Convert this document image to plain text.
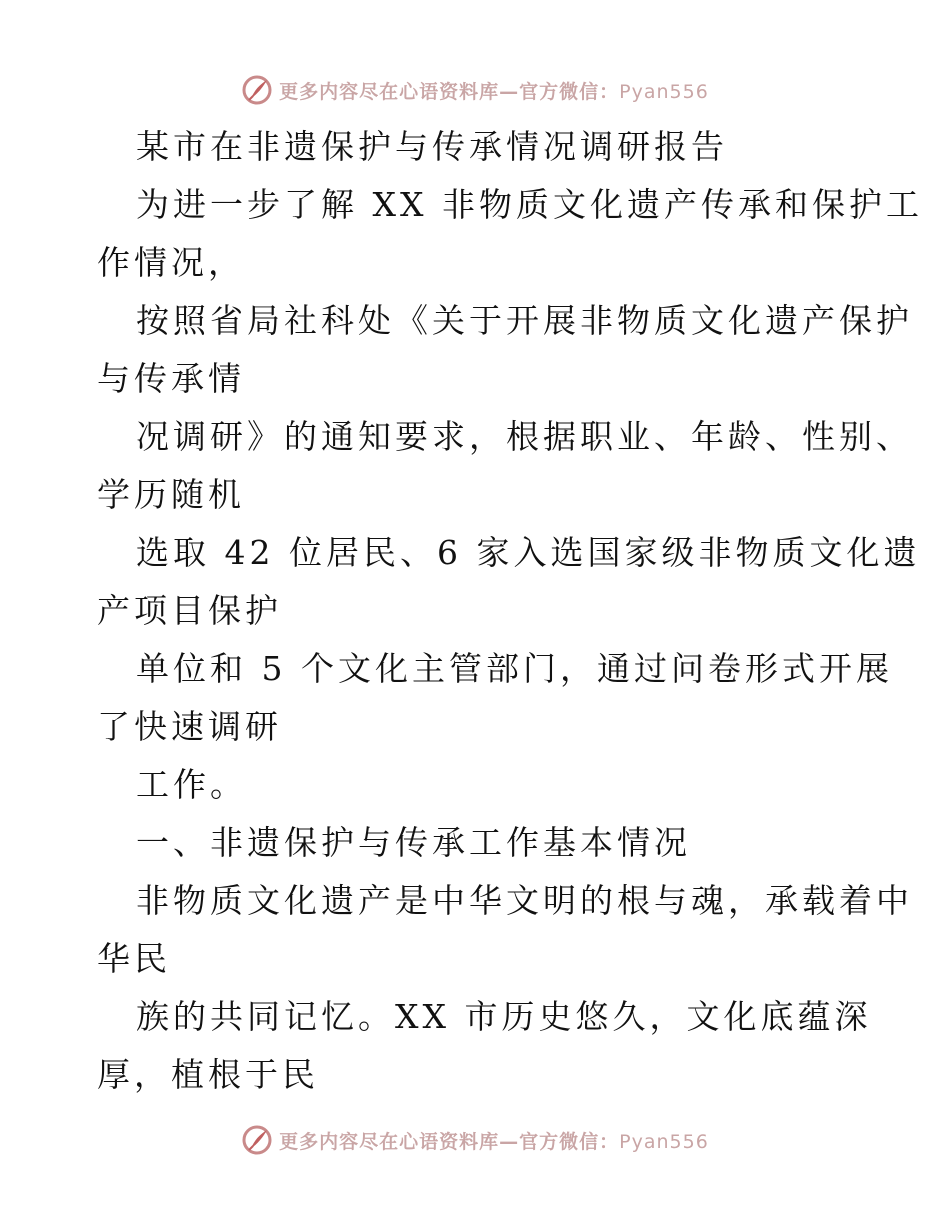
更多内容尽在心语资料库—官方微信：Pyan556
某市在非遗保护与传承情况调研报告
为进一步了解 XX 非物质文化遗产传承和保护工
作情况，
按照省局社科处《关于开展非物质文化遗产保护
与传承情
况调研》的通知要求，根据职业、年龄、性别、
学历随机
选取 42 位居民、6 家入选国家级非物质文化遗
产项目保护
单位和 5 个文化主管部门，通过问卷形式开展
了快速调研
工作。
一、非遗保护与传承工作基本情况
非物质文化遗产是中华文明的根与魂，承载着中
华民
族的共同记忆。XX 市历史悠久，文化底蕴深
厚，植根于民
更多内容尽在心语资料库—官方微信：Pyan556
